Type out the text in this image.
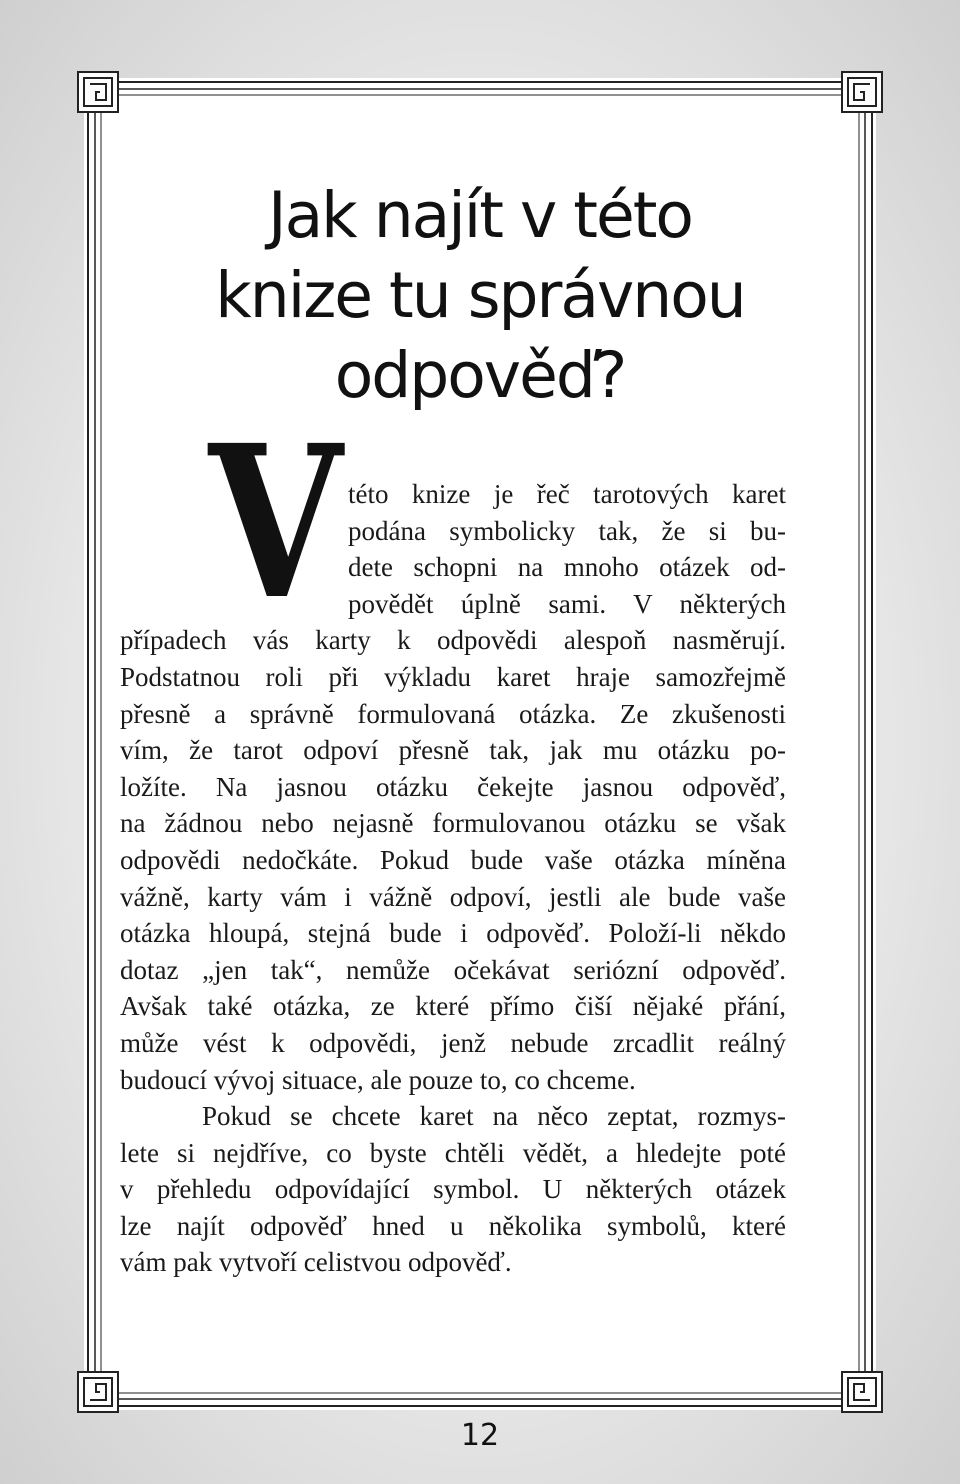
Jak najít v této
knize tu správnou
odpověď?
V této knize je řeč tarotových karet
podána symbolicky tak, že si bu-
dete schopni na mnoho otázek od-
povědět úplně sami. V některých
případech vás karty k odpovědi alespoň nasměrují.
Podstatnou roli při výkladu karet hraje samozřejmě
přesně a správně formulovaná otázka. Ze zkušenosti
vím, že tarot odpoví přesně tak, jak mu otázku po-
ložíte. Na jasnou otázku čekejte jasnou odpověď,
na žádnou nebo nejasně formulovanou otázku se však
odpovědi nedočkáte. Pokud bude vaše otázka míněna
vážně, karty vám i vážně odpoví, jestli ale bude vaše
otázka hloupá, stejná bude i odpověď. Položí-li někdo
dotaz „jen tak“, nemůže očekávat seriózní odpověď.
Avšak také otázka, ze které přímo čiší nějaké přání,
může vést k odpovědi, jenž nebude zrcadlit reálný
budoucí vývoj situace, ale pouze to, co chceme.

Pokud se chcete karet na něco zeptat, rozmys-
lete si nejdříve, co byste chtěli vědět, a hledejte poté
v přehledu odpovídající symbol. U některých otázek
lze najít odpověď hned u několika symbolů, které
vám pak vytvoří celistvou odpověď.

12
